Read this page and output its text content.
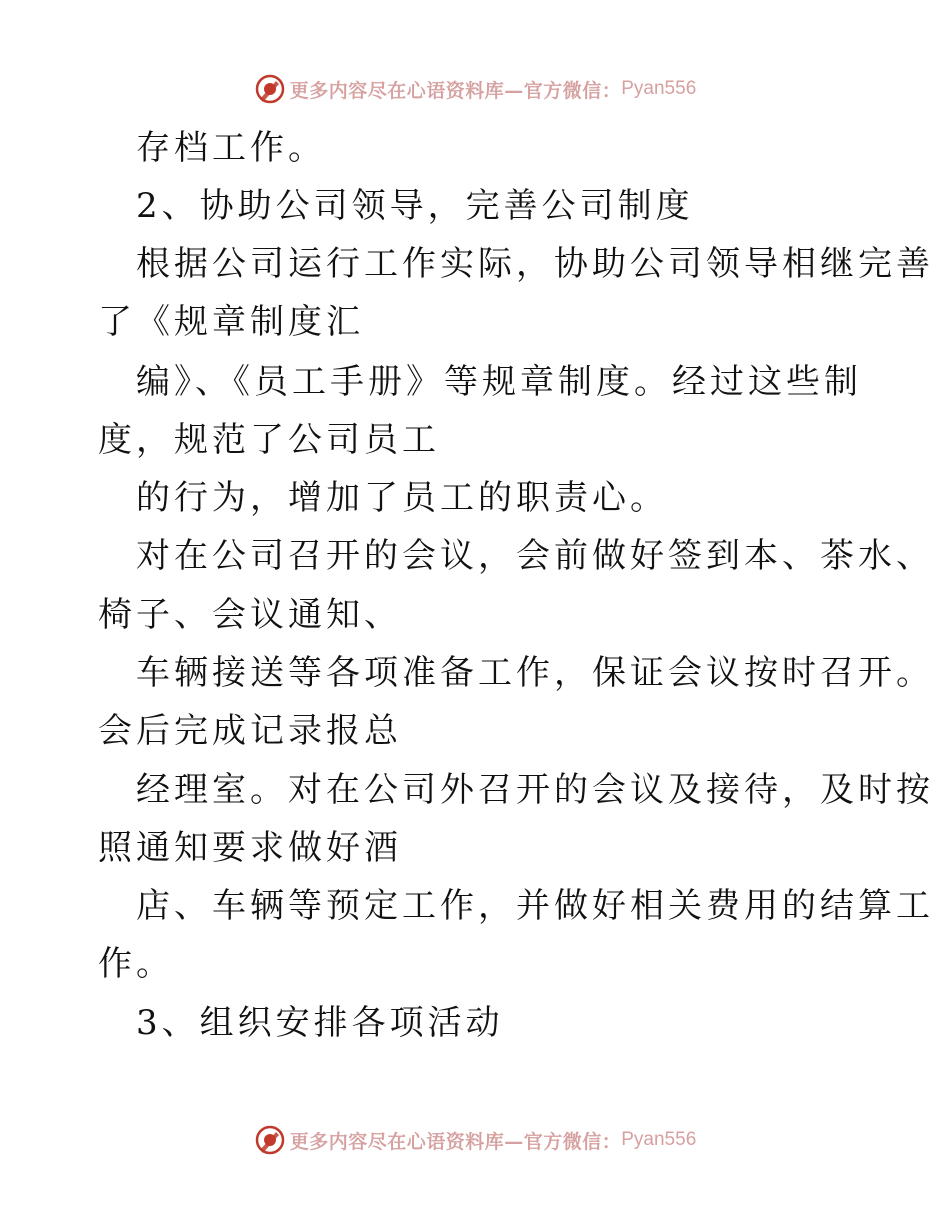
更多内容尽在心语资料库—官方微信： Pyan556
存档工作。
2、协助公司领导，完善公司制度
根据公司运行工作实际，协助公司领导相继完善
了《规章制度汇
编》、《员工手册》等规章制度。经过这些制
度，规范了公司员工
的行为，增加了员工的职责心。
对在公司召开的会议，会前做好签到本、茶水、
椅子、会议通知、
车辆接送等各项准备工作，保证会议按时召开。
会后完成记录报总
经理室。对在公司外召开的会议及接待，及时按
照通知要求做好酒
店、车辆等预定工作，并做好相关费用的结算工
作。
3、组织安排各项活动
更多内容尽在心语资料库—官方微信： Pyan556
